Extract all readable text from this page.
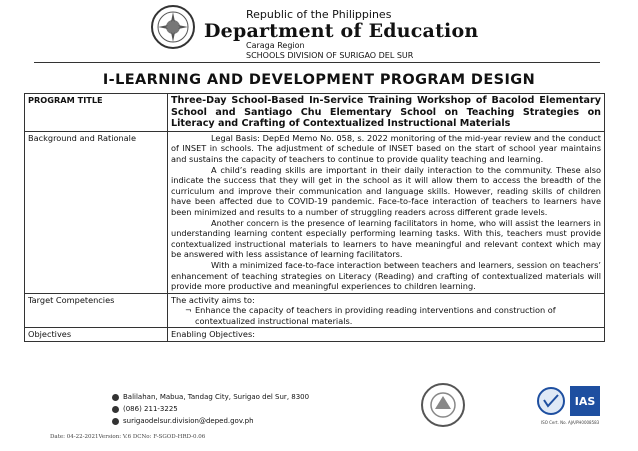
Republic of the Philippines
Department of Education
Caraga Region
SCHOOLS DIVISION OF SURIGAO DEL SUR
I-LEARNING AND DEVELOPMENT PROGRAM DESIGN
PROGRAM TITLE	Three-Day School-Based In-Service Training Workshop of Bacolod Elementary School and Santiago Chu Elementary School on Teaching Strategies on Literacy and Crafting of Contextualized Instructional Materials

Background and Rationale	Legal Basis: DepEd Memo No. 058, s. 2022 monitoring of the mid-year review and the conduct of INSET in schools. The adjustment of schedule of INSET based on the start of school year maintains and sustains the capacity of teachers to continue to provide quality teaching and learning.

A child’s reading skills are important in their daily interaction to the community. These also indicate the success that they will get in the school as it will allow them to access the breadth of the curriculum and improve their communication and language skills. However, reading skills of children have been affected due to COVID-19 pandemic. Face-to-face interaction of teachers to learners have been minimized and results to a number of struggling readers across different grade levels.

Another concern is the presence of learning facilitators in home, who will assist the learners in understanding learning content especially performing learning tasks. With this, teachers must provide contextualized instructional materials to learners to have meaningful and relevant context which may be answered with less assistance of learning facilitators.

With a minimized face-to-face interaction between teachers and learners, session on teachers’ enhancement of teaching strategies on Literacy (Reading) and crafting of contextualized materials will provide more productive and meaningful experiences to children learning.

Target Competencies	The activity aims to:
¬ Enhance the capacity of teachers in providing reading interventions and construction of contextualized instructional materials.

Objectives	Enabling Objectives:
Balilahan, Mabua, Tandag City, Surigao del Sur, 8300
(086) 211-3225
surigaodelsur.division@deped.gov.ph
Date: 04-22-2021Version: V.6 DCNo: F-SGOD-HRD-0.06
IAS
ISO Cert. No. AJA/PH0008583
